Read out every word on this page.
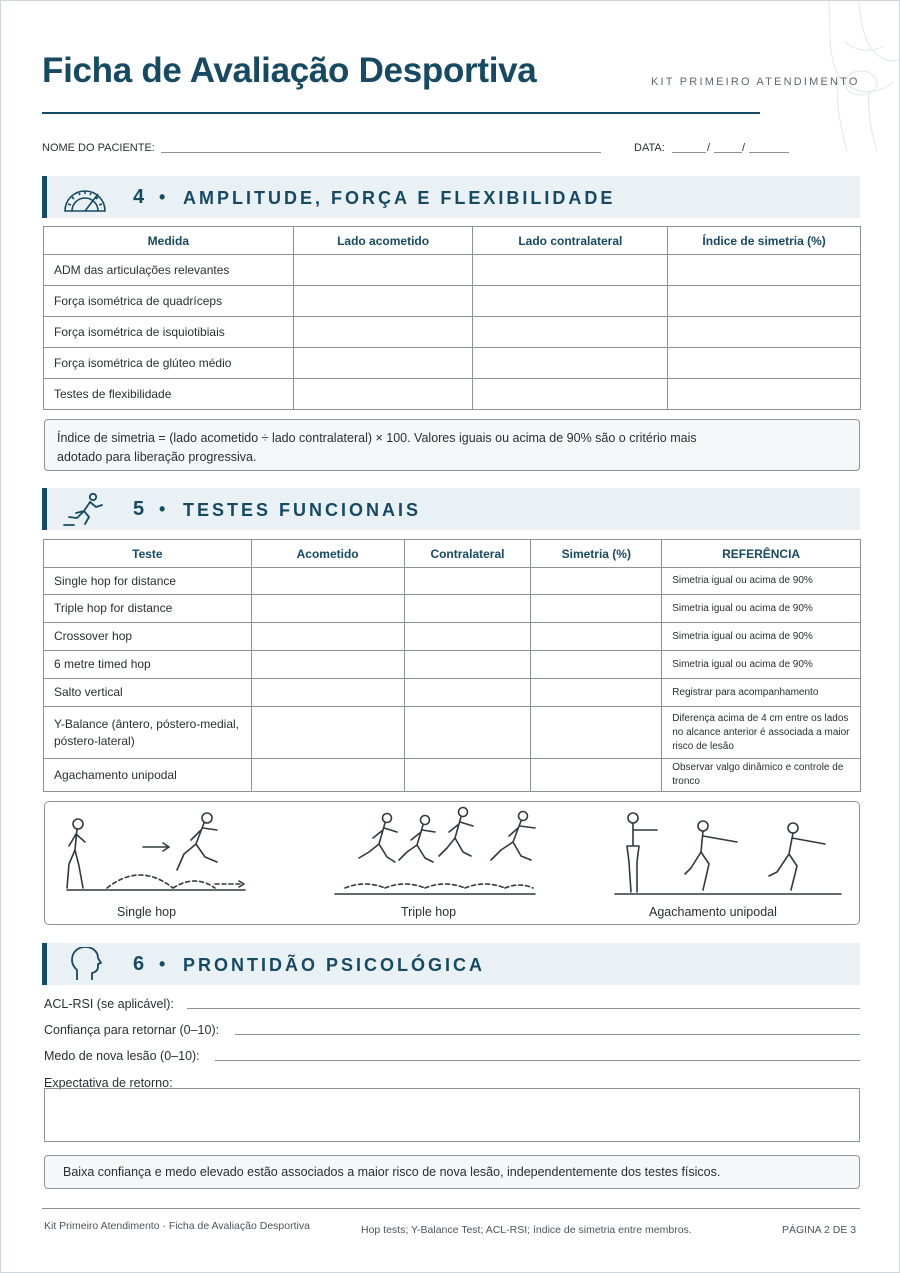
Ficha de Avaliação Desportiva	KIT PRIMEIRO ATENDIMENTO
NOME DO PACIENTE:	DATA:	/	/
4 • AMPLITUDE, FORÇA E FLEXIBILIDADE
Medida	Lado acometido	Lado contralateral	Índice de simetria (%)
ADM das articulações relevantes			
Força isométrica de quadríceps			
Força isométrica de isquiotibiais			
Força isométrica de glúteo médio			
Testes de flexibilidade			
Índice de simetria = (lado acometido ÷ lado contralateral) × 100. Valores iguais ou acima de 90% são o critério mais
adotado para liberação progressiva.
5 • TESTES FUNCIONAIS
Teste	Acometido	Contralateral	Simetria (%)	REFERÊNCIA
Single hop for distance				Simetria igual ou acima de 90%
Triple hop for distance				Simetria igual ou acima de 90%
Crossover hop				Simetria igual ou acima de 90%
6 metre timed hop				Simetria igual ou acima de 90%
Salto vertical				Registrar para acompanhamento
Y-Balance (ântero, póstero-medial, póstero-lateral)				Diferença acima de 4 cm entre os lados no alcance anterior é associada a maior risco de lesão
Agachamento unipodal				Observar valgo dinâmico e controle de tronco
Single hop	Triple hop	Agachamento unipodal
6 • PRONTIDÃO PSICOLÓGICA
ACL-RSI (se aplicável):
Confiança para retornar (0–10):
Medo de nova lesão (0–10):
Expectativa de retorno:
Baixa confiança e medo elevado estão associados a maior risco de nova lesão, independentemente dos testes físicos.
Kit Primeiro Atendimento · Ficha de Avaliação Desportiva	Hop tests; Y-Balance Test; ACL-RSI; índice de simetria entre membros.	PÁGINA 2 DE 3
